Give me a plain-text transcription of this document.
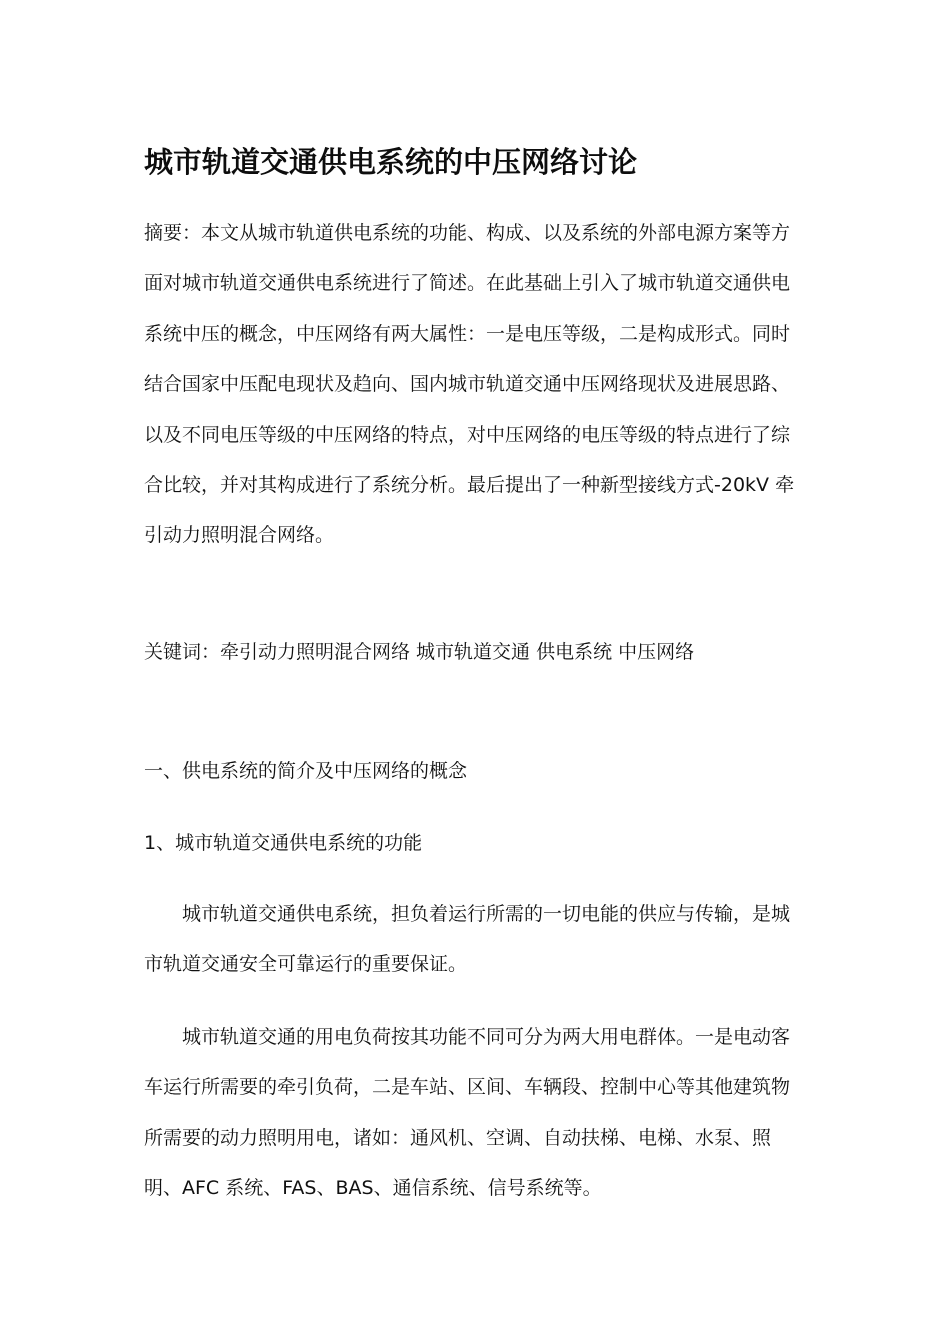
城市轨道交通供电系统的中压网络讨论

摘要：本文从城市轨道供电系统的功能、构成、以及系统的外部电源方案等方面对城市轨道交通供电系统进行了简述。在此基础上引入了城市轨道交通供电系统中压的概念，中压网络有两大属性：一是电压等级，二是构成形式。同时结合国家中压配电现状及趋向、国内城市轨道交通中压网络现状及进展思路、以及不同电压等级的中压网络的特点，对中压网络的电压等级的特点进行了综合比较，并对其构成进行了系统分析。最后提出了一种新型接线方式-20kV 牵引动力照明混合网络。

关键词：牵引动力照明混合网络 城市轨道交通 供电系统 中压网络

一、供电系统的简介及中压网络的概念

1、城市轨道交通供电系统的功能

城市轨道交通供电系统，担负着运行所需的一切电能的供应与传输，是城市轨道交通安全可靠运行的重要保证。

城市轨道交通的用电负荷按其功能不同可分为两大用电群体。一是电动客车运行所需要的牵引负荷，二是车站、区间、车辆段、控制中心等其他建筑物所需要的动力照明用电，诸如：通风机、空调、自动扶梯、电梯、水泵、照明、AFC 系统、FAS、BAS、通信系统、信号系统等。
